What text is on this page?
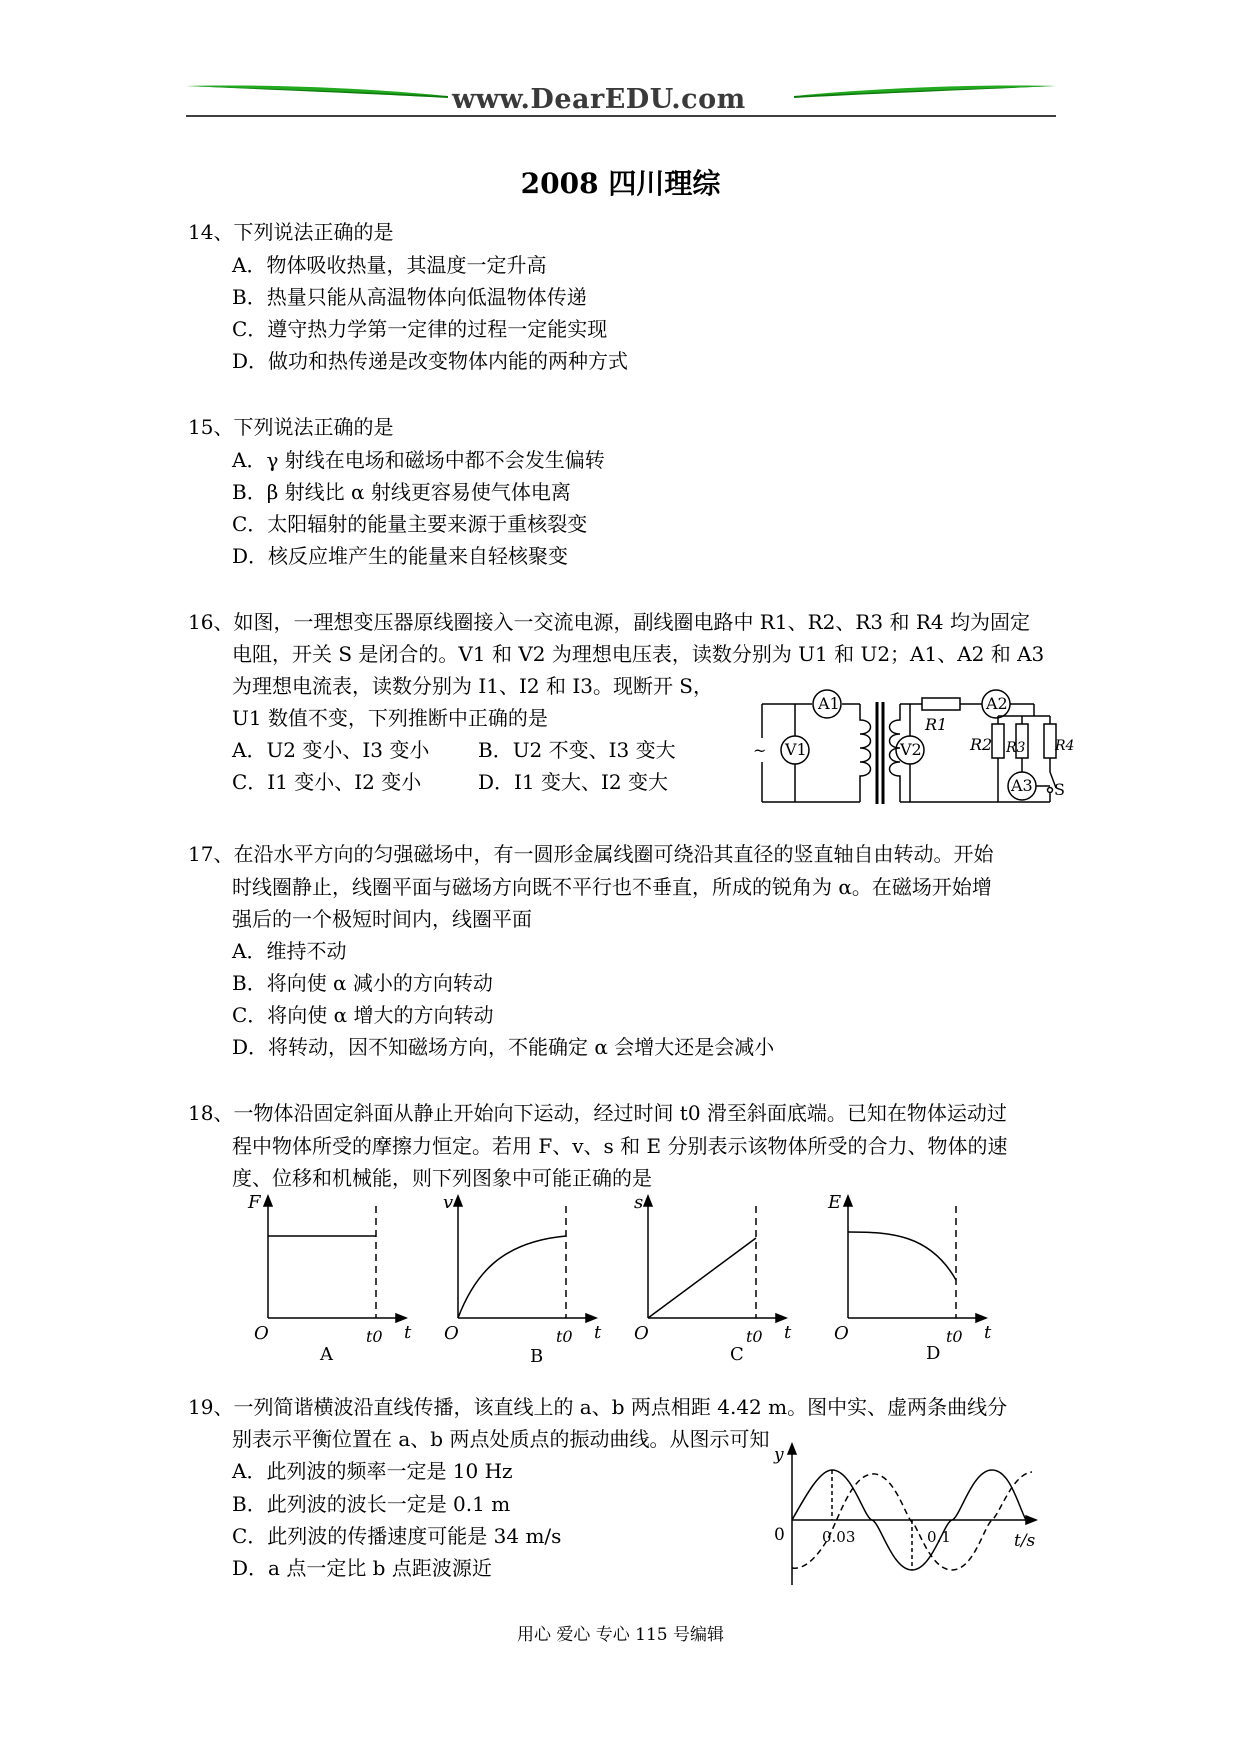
www.DearEDU.com
2008 四川理综
14、下列说法正确的是
A．物体吸收热量，其温度一定升高
B．热量只能从高温物体向低温物体传递
C．遵守热力学第一定律的过程一定能实现
D．做功和热传递是改变物体内能的两种方式
15、下列说法正确的是
A．γ 射线在电场和磁场中都不会发生偏转
B．β 射线比 α 射线更容易使气体电离
C．太阳辐射的能量主要来源于重核裂变
D．核反应堆产生的能量来自轻核聚变
16、如图，一理想变压器原线圈接入一交流电源，副线圈电路中 R1、R2、R3 和 R4 均为固定
电阻，开关 S 是闭合的。V1 和 V2 为理想电压表，读数分别为 U1 和 U2；A1、A2 和 A3
为理想电流表，读数分别为 I1、I2 和 I3。现断开 S，
U1 数值不变，下列推断中正确的是
A．U2 变小、I3 变小 B．U2 不变、I3 变大
C．I1 变小、I2 变小	D．I1 变大、I2 变大
~
A1	A2
A3
V1	V2
R1
R2 R3 R4
S
17、在沿水平方向的匀强磁场中，有一圆形金属线圈可绕沿其直径的竖直轴自由转动。开始
时线圈静止，线圈平面与磁场方向既不平行也不垂直，所成的锐角为 α。在磁场开始增
强后的一个极短时间内，线圈平面
A．维持不动
B．将向使 α 减小的方向转动
C．将向使 α 增大的方向转动
D．将转动，因不知磁场方向，不能确定 α 会增大还是会减小
18、一物体沿固定斜面从静止开始向下运动，经过时间 t0 滑至斜面底端。已知在物体运动过
程中物体所受的摩擦力恒定。若用 F、v、s 和 E 分别表示该物体所受的合力、物体的速
度、位移和机械能，则下列图象中可能正确的是
F
O	t0 t
A
v
O	t0 t
B
s
O	t0 t
C
E
O	t0 t
D
19、一列简谐横波沿直线传播，该直线上的 a、b 两点相距 4.42 m。图中实、虚两条曲线分
别表示平衡位置在 a、b 两点处质点的振动曲线。从图示可知
A．此列波的频率一定是 10 Hz
B．此列波的波长一定是 0.1 m
C．此列波的传播速度可能是 34 m/s
D．a 点一定比 b 点距波源近
y
0 0.03	0.1	t/s
用心 爱心 专心 115 号编辑
